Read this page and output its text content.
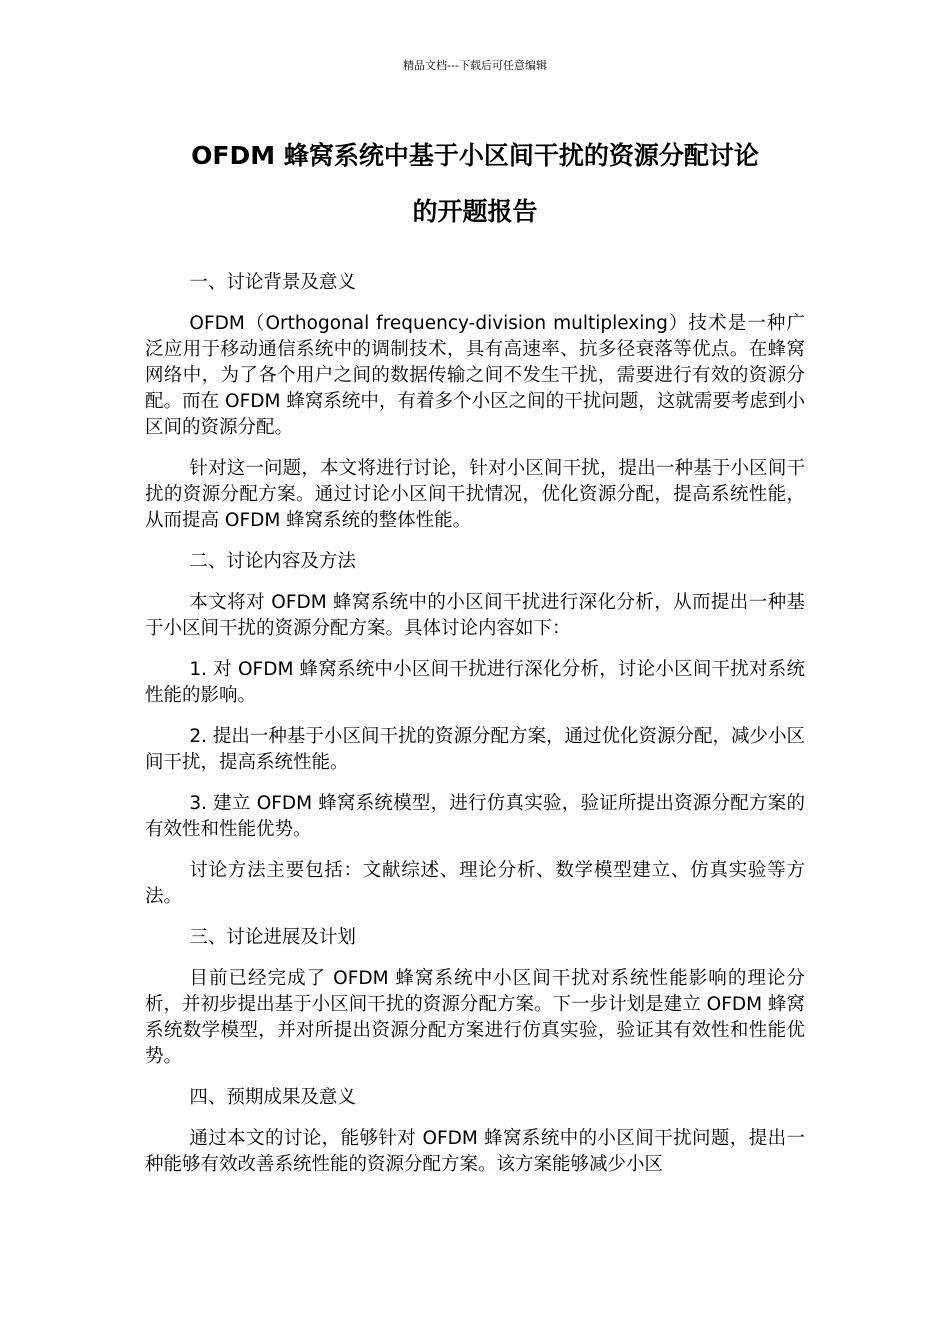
精品文档---下载后可任意编辑
OFDM 蜂窝系统中基于小区间干扰的资源分配讨论
的开题报告

一、讨论背景及意义

OFDM（Orthogonal frequency-division multiplexing）技术是一种广泛应用于移动通信系统中的调制技术，具有高速率、抗多径衰落等优点。在蜂窝网络中，为了各个用户之间的数据传输之间不发生干扰，需要进行有效的资源分配。而在 OFDM 蜂窝系统中，有着多个小区之间的干扰问题，这就需要考虑到小区间的资源分配。

针对这一问题，本文将进行讨论，针对小区间干扰，提出一种基于小区间干扰的资源分配方案。通过讨论小区间干扰情况，优化资源分配，提高系统性能，从而提高 OFDM 蜂窝系统的整体性能。

二、讨论内容及方法

本文将对 OFDM 蜂窝系统中的小区间干扰进行深化分析，从而提出一种基于小区间干扰的资源分配方案。具体讨论内容如下：

1. 对 OFDM 蜂窝系统中小区间干扰进行深化分析，讨论小区间干扰对系统性能的影响。

2. 提出一种基于小区间干扰的资源分配方案，通过优化资源分配，减少小区间干扰，提高系统性能。

3. 建立 OFDM 蜂窝系统模型，进行仿真实验，验证所提出资源分配方案的有效性和性能优势。

讨论方法主要包括：文献综述、理论分析、数学模型建立、仿真实验等方法。

三、讨论进展及计划

目前已经完成了 OFDM 蜂窝系统中小区间干扰对系统性能影响的理论分析，并初步提出基于小区间干扰的资源分配方案。下一步计划是建立 OFDM 蜂窝系统数学模型，并对所提出资源分配方案进行仿真实验，验证其有效性和性能优势。

四、预期成果及意义

通过本文的讨论，能够针对 OFDM 蜂窝系统中的小区间干扰问题，提出一种能够有效改善系统性能的资源分配方案。该方案能够减少小区
